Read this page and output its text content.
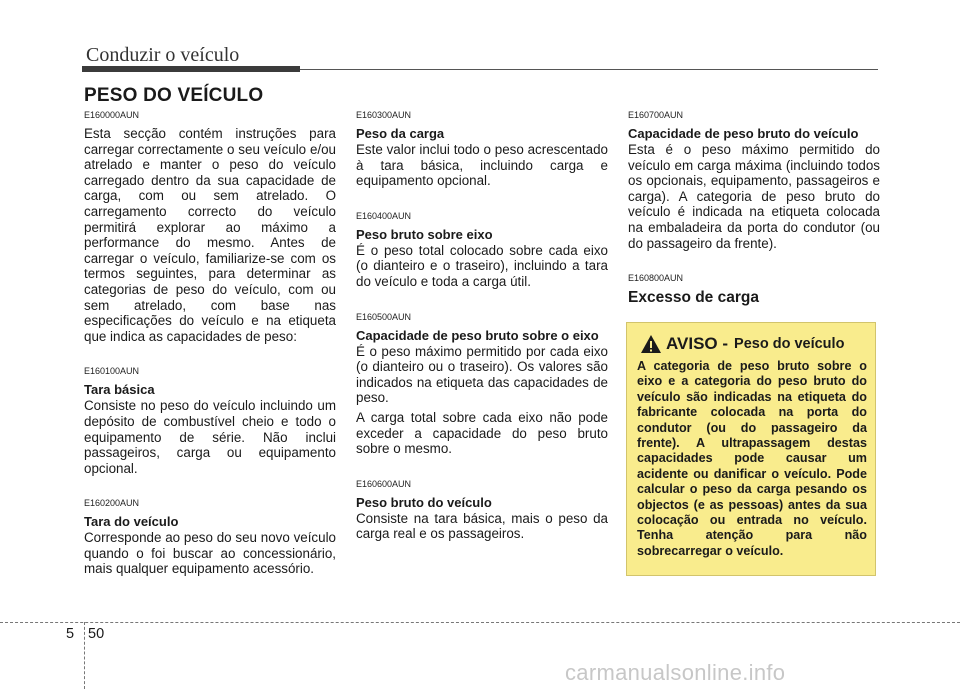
Conduzir o veículo
PESO DO VEÍCULO
E160000AUN

Esta secção contém instruções para carregar correctamente o seu veículo e/ou atrelado e manter o peso do veículo carregado dentro da sua capacidade de carga, com ou sem atrelado. O carregamento correcto do veículo permitirá explorar ao máximo a performance do mesmo. Antes de carregar o veículo, familiarize-se com os termos seguintes, para determinar as categorias de peso do veículo, com ou sem atrelado, com base nas especificações do veículo e na etiqueta que indica as capacidades de peso:

E160100AUN
Tara básica

Consiste no peso do veículo incluindo um depósito de combustível cheio e todo o equipamento de série. Não inclui passageiros, carga ou equipamento opcional.

E160200AUN
Tara do veículo

Corresponde ao peso do seu novo veículo quando o foi buscar ao concessionário, mais qualquer equipamento acessório.

E160300AUN
Peso da carga

Este valor inclui todo o peso acrescentado à tara básica, incluindo carga e equipamento opcional.

E160400AUN
Peso bruto sobre eixo

É o peso total colocado sobre cada eixo (o dianteiro e o traseiro), incluindo a tara do veículo e toda a carga útil.

E160500AUN
Capacidade de peso bruto sobre o eixo

É o peso máximo permitido por cada eixo (o dianteiro ou o traseiro). Os valores são indicados na etiqueta das capacidades de peso.

A carga total sobre cada eixo não pode exceder a capacidade do peso bruto sobre o mesmo.

E160600AUN
Peso bruto do veículo

Consiste na tara básica, mais o peso da carga real e os passageiros.

E160700AUN
Capacidade de peso bruto do veículo

Esta é o peso máximo permitido do veículo em carga máxima (incluindo todos os opcionais, equipamento, passageiros e carga). A categoria de peso bruto do veículo é indicada na etiqueta colocada na embaladeira da porta do condutor (ou do passageiro da frente).

E160800AUN
Excesso de carga
AVISO - Peso do veículo

A categoria de peso bruto sobre o eixo e a categoria do peso bruto do veículo são indicadas na etiqueta do fabricante colocada na porta do condutor (ou do passageiro da frente). A ultrapassagem destas capacidades pode causar um acidente ou danificar o veículo. Pode calcular o peso da carga pesando os objectos (e as pessoas) antes da sua colocação ou entrada no veículo. Tenha atenção para não sobrecarregar o veículo.

5 50
carmanualsonline.info
